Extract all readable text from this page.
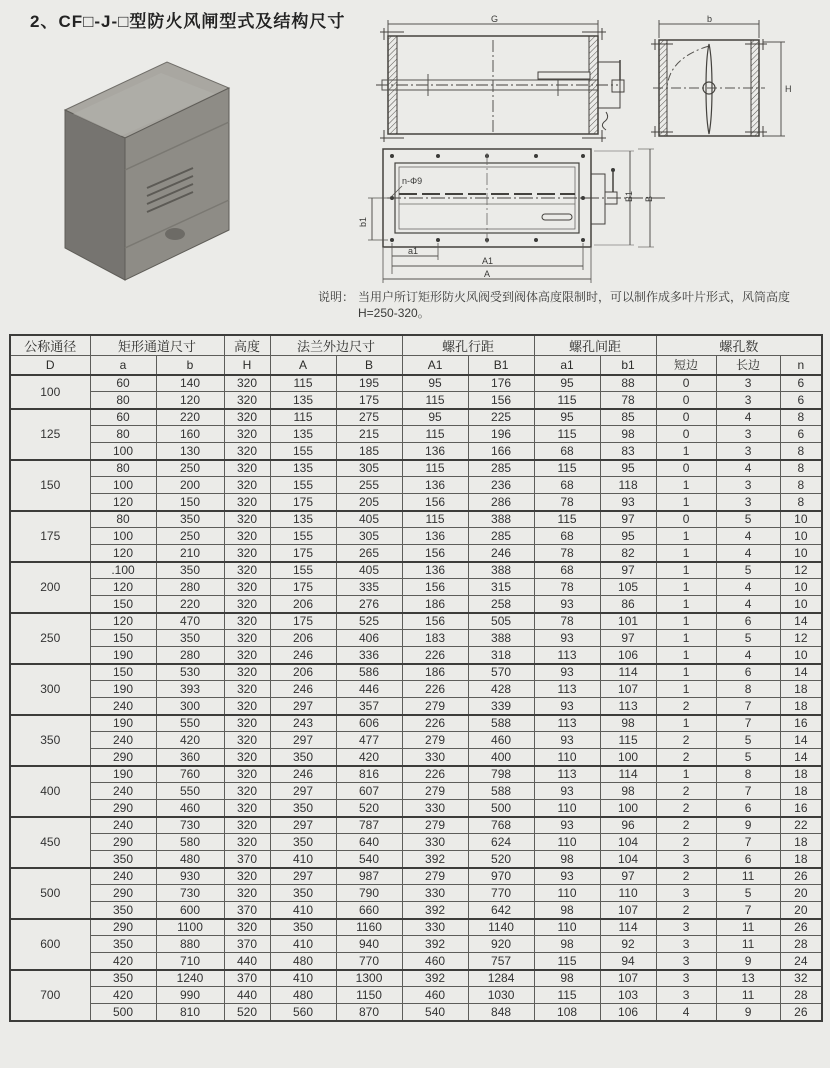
2、CF□-J-□型防火风闸型式及结构尺寸	G	b
H
n-Φ9
b1
a1
A1
A
B1 B
说明： 当用户所订矩形防火风阀受到阀体高度限制时，可以制作成多叶片形式，风筒高度H=250-320。
公称通径	矩形通道尺寸		高度	法兰外边尺寸		螺孔行距		螺孔间距		螺孔数		
D	a	b	H	A	B	A1	B1	a1	b1	短边	长边	n
100	60	140	320	115	195	95	176	95	88	0	3	6
	80	120	320	135	175	115	156	115	78	0	3	6
125	60	220	320	115	275	95	225	95	85	0	4	8
	80	160	320	135	215	115	196	115	98	0	3	6
	100	130	320	155	185	136	166	68	83	1	3	8
150	80	250	320	135	305	115	285	115	95	0	4	8
	100	200	320	155	255	136	236	68	118	1	3	8
	120	150	320	175	205	156	286	78	93	1	3	8
175	80	350	320	135	405	115	388	115	97	0	5	10
	100	250	320	155	305	136	285	68	95	1	4	10
	120	210	320	175	265	156	246	78	82	1	4	10
200	.100	350	320	155	405	136	388	68	97	1	5	12
	120	280	320	175	335	156	315	78	105	1	4	10
	150	220	320	206	276	186	258	93	86	1	4	10
250	120	470	320	175	525	156	505	78	101	1	6	14
	150	350	320	206	406	183	388	93	97	1	5	12
	190	280	320	246	336	226	318	113	106	1	4	10
300	150	530	320	206	586	186	570	93	114	1	6	14
	190	393	320	246	446	226	428	113	107	1	8	18
	240	300	320	297	357	279	339	93	113	2	7	18
350	190	550	320	243	606	226	588	113	98	1	7	16
	240	420	320	297	477	279	460	93	115	2	5	14
	290	360	320	350	420	330	400	110	100	2	5	14
400	190	760	320	246	816	226	798	113	114	1	8	18
	240	550	320	297	607	279	588	93	98	2	7	18
	290	460	320	350	520	330	500	110	100	2	6	16
450	240	730	320	297	787	279	768	93	96	2	9	22
	290	580	320	350	640	330	624	110	104	2	7	18
	350	480	370	410	540	392	520	98	104	3	6	18
500	240	930	320	297	987	279	970	93	97	2	11	26
	290	730	320	350	790	330	770	110	110	3	5	20
	350	600	370	410	660	392	642	98	107	2	7	20
600	290	1100	320	350	1160	330	1140	110	114	3	11	26
	350	880	370	410	940	392	920	98	92	3	11	28
	420	710	440	480	770	460	757	115	94	3	9	24
700	350	1240	370	410	1300	392	1284	98	107	3	13	32
	420	990	440	480	1150	460	1030	115	103	3	11	28
	500	810	520	560	870	540	848	108	106	4	9	26
